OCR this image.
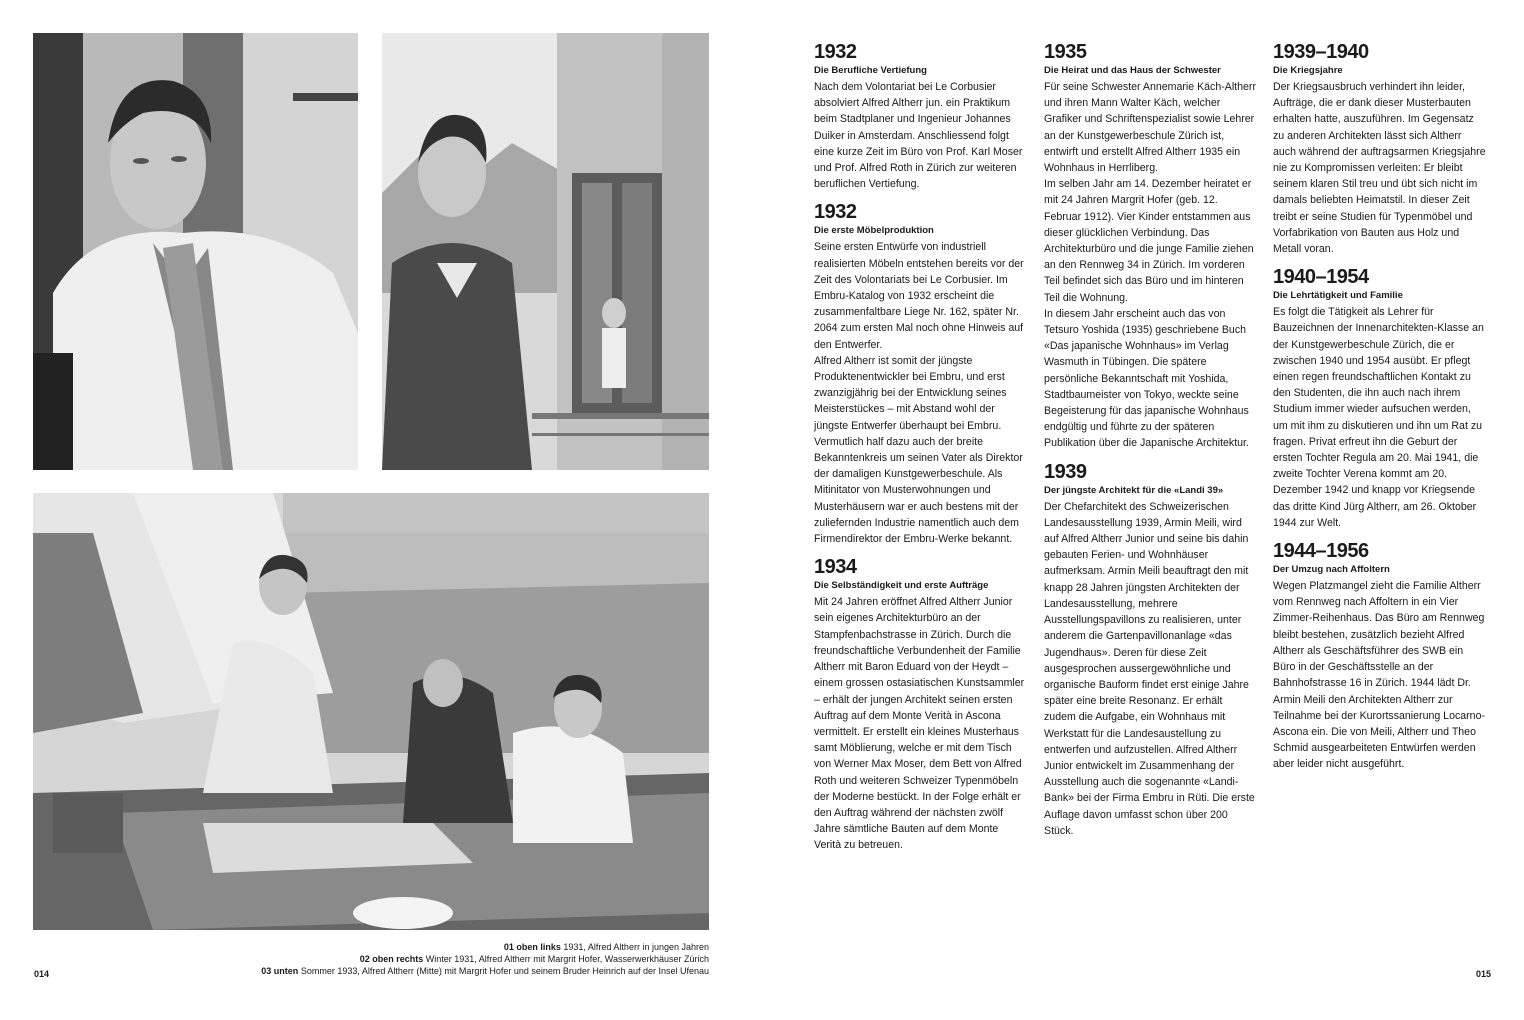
01 oben links 1931, Alfred Altherr in jungen Jahren
02 oben rechts Winter 1931, Alfred Altherr mit Margrit Hofer, Wasserwerkhäuser Zürich
03 unten Sommer 1933, Alfred Altherr (Mitte) mit Margrit Hofer und seinem Bruder Heinrich auf der Insel Ufenau
014
1932
Die Berufliche Vertiefung

Nach dem Volontariat bei Le Corbusier absolviert Alfred Altherr jun. ein Praktikum beim Stadtplaner und Ingenieur Johannes Duiker in Amsterdam. Anschliessend folgt eine kurze Zeit im Büro von Prof. Karl Moser und Prof. Alfred Roth in Zürich zur weiteren beruflichen Vertiefung.

1932
Die erste Möbelproduktion

Seine ersten Entwürfe von industriell realisierten Möbeln entstehen bereits vor der Zeit des Volontariats bei Le Corbusier. Im Embru-Katalog von 1932 erscheint die zusammenfaltbare Liege Nr. 162, später Nr. 2064 zum ersten Mal noch ohne Hinweis auf den Entwerfer.

Alfred Altherr ist somit der jüngste Produktenentwickler bei Embru, und erst zwanzigjährig bei der Entwicklung seines Meisterstückes – mit Abstand wohl der jüngste Entwerfer überhaupt bei Embru. Vermutlich half dazu auch der breite Bekanntenkreis um seinen Vater als Direktor der damaligen Kunstgewerbeschule. Als Mitinitator von Musterwohnungen und Musterhäusern war er auch bestens mit der zuliefernden Industrie namentlich auch dem Firmendirektor der Embru-Werke bekannt.

1934
Die Selbständigkeit und erste Aufträge

Mit 24 Jahren eröffnet Alfred Altherr Junior sein eigenes Architekturbüro an der Stampfenbachstrasse in Zürich. Durch die freundschaftliche Verbundenheit der Familie Altherr mit Baron Eduard von der Heydt – einem grossen ostasiatischen Kunstsammler – erhält der jungen Architekt seinen ersten Auftrag auf dem Monte Verità in Ascona vermittelt. Er erstellt ein kleines Musterhaus samt Möblierung, welche er mit dem Tisch von Werner Max Moser, dem Bett von Alfred Roth und weiteren Schweizer Typenmöbeln der Moderne bestückt. In der Folge erhält er den Auftrag während der nächsten zwölf Jahre sämtliche Bauten auf dem Monte Verità zu betreuen.

1935
Die Heirat und das Haus der Schwester

Für seine Schwester Annemarie Käch-Altherr und ihren Mann Walter Käch, welcher Grafiker und Schriftenspezialist sowie Lehrer an der Kunstgewerbeschule Zürich ist, entwirft und erstellt Alfred Altherr 1935 ein Wohnhaus in Herrliberg.

Im selben Jahr am 14. Dezember heiratet er mit 24 Jahren Margrit Hofer (geb. 12. Februar 1912). Vier Kinder entstammen aus dieser glücklichen Verbindung. Das Architekturbüro und die junge Familie ziehen an den Rennweg 34 in Zürich. Im vorderen Teil befindet sich das Büro und im hinteren Teil die Wohnung.

In diesem Jahr erscheint auch das von Tetsuro Yoshida (1935) geschriebene Buch «Das japanische Wohnhaus» im Verlag Wasmuth in Tübingen. Die spätere persönliche Bekanntschaft mit Yoshida, Stadtbaumeister von Tokyo, weckte seine Begeisterung für das japanische Wohnhaus endgültig und führte zu der späteren Publikation über die Japanische Architektur.

1939
Der jüngste Architekt für die «Landi 39»

Der Chefarchitekt des Schweizerischen Landesausstellung 1939, Armin Meili, wird auf Alfred Altherr Junior und seine bis dahin gebauten Ferien- und Wohnhäuser aufmerksam. Armin Meili beauftragt den mit knapp 28 Jahren jüngsten Architekten der Landesausstellung, mehrere Ausstellungspavillons zu realisieren, unter anderem die Gartenpavillonanlage «das Jugendhaus». Deren für diese Zeit ausgesprochen aussergewöhnliche und organische Bauform findet erst einige Jahre später eine breite Resonanz. Er erhält zudem die Aufgabe, ein Wohnhaus mit Werkstatt für die Landesaustellung zu entwerfen und aufzustellen. Alfred Altherr Junior entwickelt im Zusammenhang der Ausstellung auch die sogenannte «Landi-Bank» bei der Firma Embru in Rüti. Die erste Auflage davon umfasst schon über 200 Stück.

1939–1940
Die Kriegsjahre

Der Kriegsausbruch verhindert ihn leider, Aufträge, die er dank dieser Musterbauten erhalten hatte, auszuführen. Im Gegensatz zu anderen Architekten lässt sich Altherr auch während der auftragsarmen Kriegsjahre nie zu Kompromissen verleiten: Er bleibt seinem klaren Stil treu und übt sich nicht im damals beliebten Heimatstil. In dieser Zeit treibt er seine Studien für Typenmöbel und Vorfabrikation von Bauten aus Holz und Metall voran.

1940–1954
Die Lehrtätigkeit und Familie

Es folgt die Tätigkeit als Lehrer für Bauzeichnen der Innenarchitekten-Klasse an der Kunstgewerbeschule Zürich, die er zwischen 1940 und 1954 ausübt. Er pflegt einen regen freundschaftlichen Kontakt zu den Studenten, die ihn auch nach ihrem Studium immer wieder aufsuchen werden, um mit ihm zu diskutieren und ihn um Rat zu fragen. Privat erfreut ihn die Geburt der ersten Tochter Regula am 20. Mai 1941, die zweite Tochter Verena kommt am 20. Dezember 1942 und knapp vor Kriegsende das dritte Kind Jürg Altherr, am 26. Oktober 1944 zur Welt.

1944–1956
Der Umzug nach Affoltern

Wegen Platzmangel zieht die Familie Altherr vom Rennweg nach Affoltern in ein Vier Zimmer-Reihenhaus. Das Büro am Rennweg bleibt bestehen, zusätzlich bezieht Alfred Altherr als Geschäftsführer des SWB ein Büro in der Geschäftsstelle an der Bahnhofstrasse 16 in Zürich. 1944 lädt Dr. Armin Meili den Architekten Altherr zur Teilnahme bei der Kurortssanierung Locarno-Ascona ein. Die von Meili, Altherr und Theo Schmid ausgearbeiteten Entwürfen werden aber leider nicht ausgeführt.

015
